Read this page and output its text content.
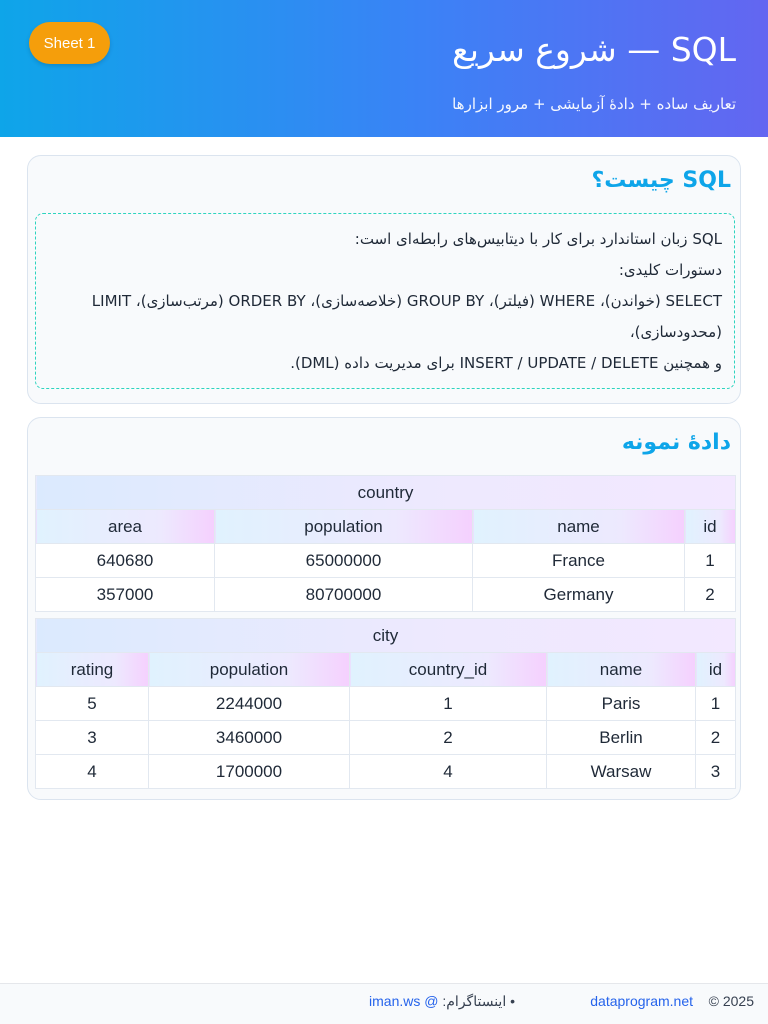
Sheet 1	SQL — شروع سریع
تعاریف ساده + دادهٔ آزمایشی + مرور ابزارها
SQL چیست؟

SQL زبان استاندارد برای کار با دیتابیس‌های رابطه‌ای است:

دستورات کلیدی:

SELECT (خواندن)، WHERE (فیلتر)، GROUP BY (خلاصه‌سازی)، ORDER BY (مرتب‌سازی)، LIMIT (محدودسازی)،

و همچنین INSERT / UPDATE / DELETE برای مدیریت داده (DML).

دادهٔ نمونه
country			
area	population	name	id
640680	65000000	France	1
357000	80700000	Germany	2
city				
rating	population	country_id	name	id
5	2244000	1	Paris	1
3	3460000	2	Berlin	2
4	1700000	4	Warsaw	3
© 2025
dataprogram.net
• اینستاگرام: @ iman.ws
